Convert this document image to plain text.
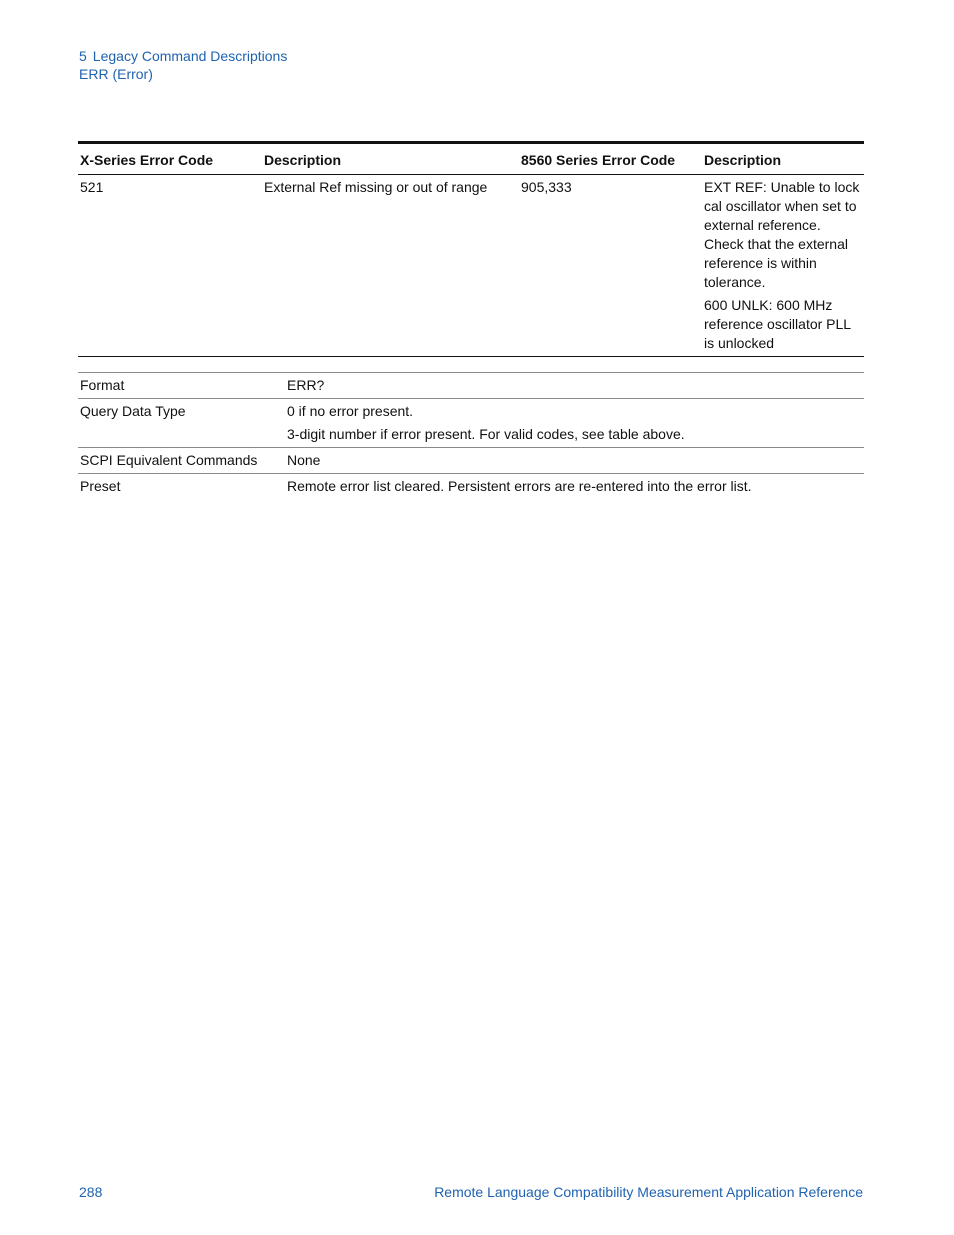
5 Legacy Command Descriptions
ERR (Error)
X-Series Error Code	Description	8560 Series Error Code	Description
521	External Ref missing or out of range	905,333	EXT REF: Unable to lock cal oscillator when set to external reference. Check that the external reference is within tolerance.

600 UNLK: 600 MHz reference oscillator PLL is unlocked

Format	ERR?

Query Data Type	0 if no error present.

3-digit number if error present. For valid codes, see table above.

SCPI Equivalent Commands	None

Preset	Remote error list cleared. Persistent errors are re-entered into the error list.

288	Remote Language Compatibility Measurement Application Reference
